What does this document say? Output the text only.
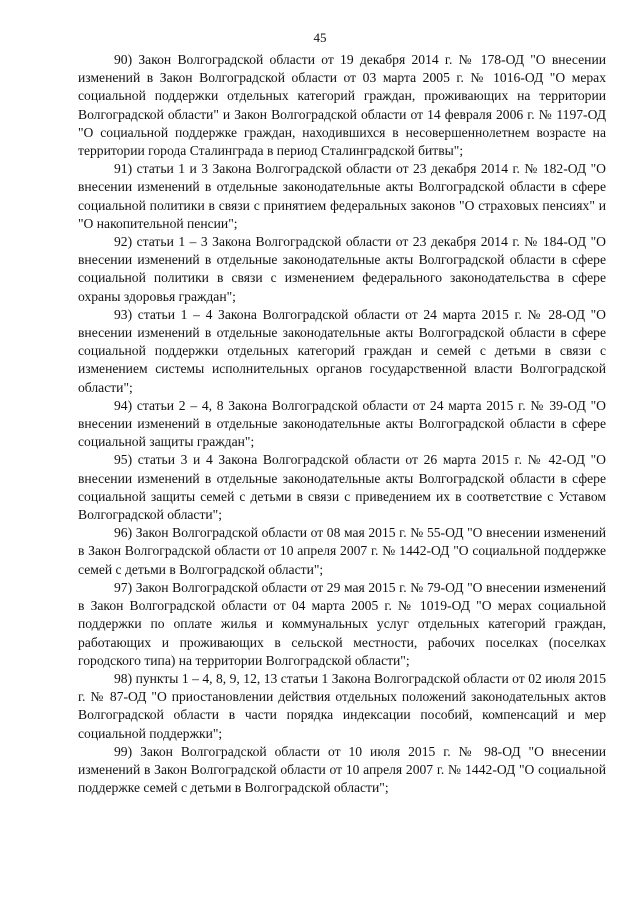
45

90) Закон Волгоградской области от 19 декабря 2014 г. № 178-ОД "О внесении изменений в Закон Волгоградской области от 03 марта 2005 г. № 1016-ОД "О мерах социальной поддержки отдельных категорий граждан, проживающих на территории Волгоградской области" и Закон Волгоградской области от 14 февраля 2006 г. № 1197-ОД "О социальной поддержке граждан, находившихся в несовершеннолетнем возрасте на территории города Сталинграда в период Сталинградской битвы";

91) статьи 1 и 3 Закона Волгоградской области от 23 декабря 2014 г. № 182-ОД "О внесении изменений в отдельные законодательные акты Волгоградской области в сфере социальной политики в связи с принятием федеральных законов "О страховых пенсиях" и "О накопительной пенсии";

92) статьи 1 – 3 Закона Волгоградской области от 23 декабря 2014 г. № 184-ОД "О внесении изменений в отдельные законодательные акты Волгоградской области в сфере социальной политики в связи с изменением федерального законодательства в сфере охраны здоровья граждан";

93) статьи 1 – 4 Закона Волгоградской области от 24 марта 2015 г. № 28-ОД "О внесении изменений в отдельные законодательные акты Волгоградской области в сфере социальной поддержки отдельных категорий граждан и семей с детьми в связи с изменением системы исполнительных органов государственной власти Волгоградской области";

94) статьи 2 – 4, 8 Закона Волгоградской области от 24 марта 2015 г. № 39-ОД "О внесении изменений в отдельные законодательные акты Волгоградской области в сфере социальной защиты граждан";

95) статьи 3 и 4 Закона Волгоградской области от 26 марта 2015 г. № 42-ОД "О внесении изменений в отдельные законодательные акты Волгоградской области в сфере социальной защиты семей с детьми в связи с приведением их в соответствие с Уставом Волгоградской области";

96) Закон Волгоградской области от 08 мая 2015 г. № 55-ОД "О внесении изменений в Закон Волгоградской области от 10 апреля 2007 г. № 1442-ОД "О социальной поддержке семей с детьми в Волгоградской области";

97) Закон Волгоградской области от 29 мая 2015 г. № 79-ОД "О внесении изменений в Закон Волгоградской области от 04 марта 2005 г. № 1019-ОД "О мерах социальной поддержки по оплате жилья и коммунальных услуг отдельных категорий граждан, работающих и проживающих в сельской местности, рабочих поселках (поселках городского типа) на территории Волгоградской области";

98) пункты 1 – 4, 8, 9, 12, 13 статьи 1 Закона Волгоградской области от 02 июля 2015 г. № 87-ОД "О приостановлении действия отдельных положений законодательных актов Волгоградской области в части порядка индексации пособий, компенсаций и мер социальной поддержки";

99) Закон Волгоградской области от 10 июля 2015 г. № 98-ОД "О внесении изменений в Закон Волгоградской области от 10 апреля 2007 г. № 1442-ОД "О социальной поддержке семей с детьми в Волгоградской области";
